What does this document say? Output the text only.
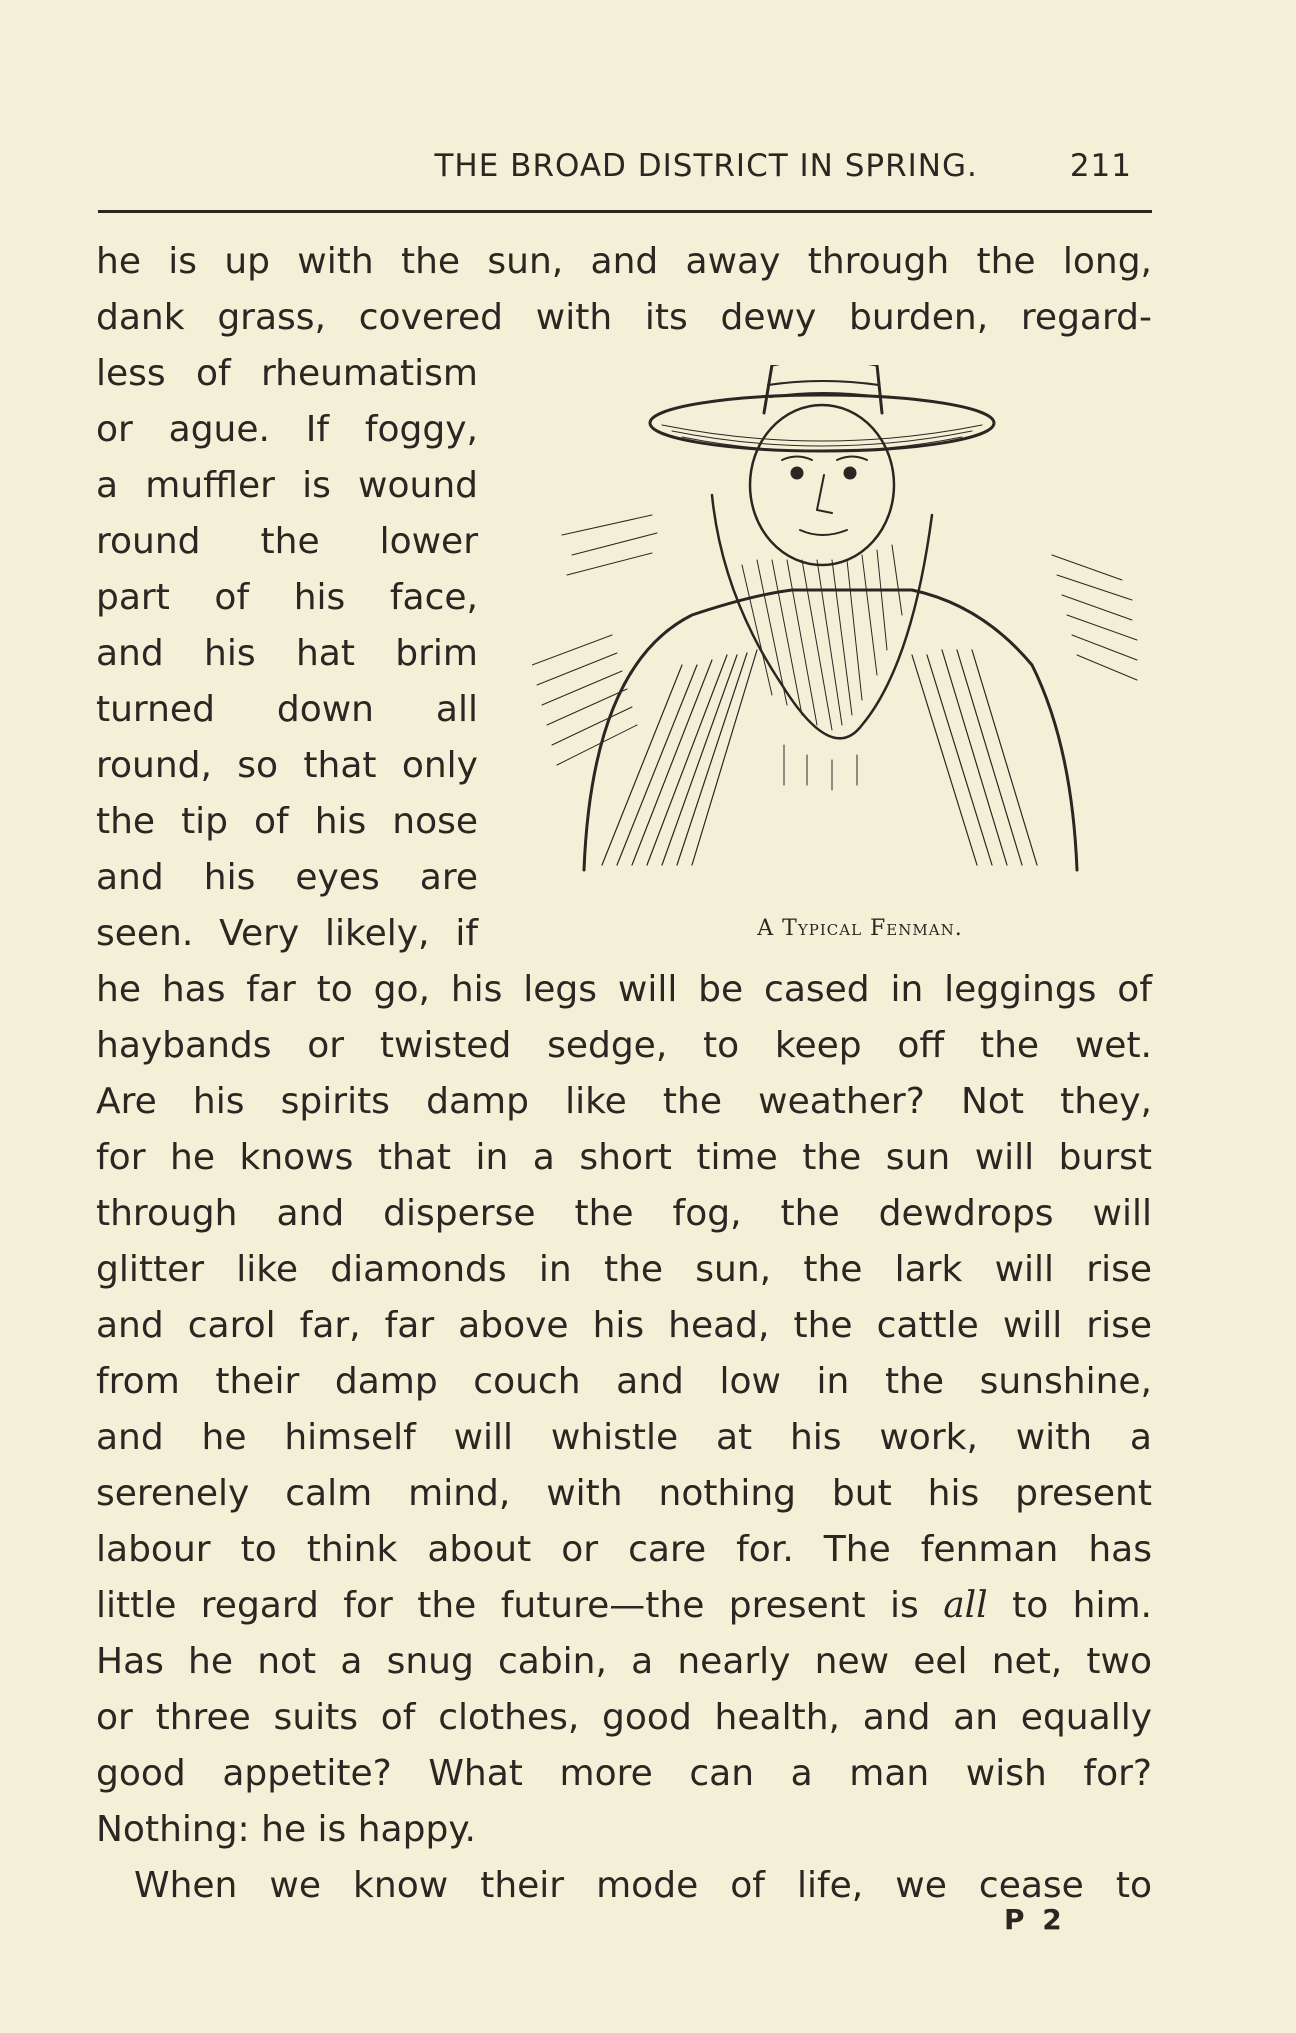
THE BROAD DISTRICT IN SPRING.	211
he is up with the sun, and away through the long,
dank grass, covered with its dewy burden, regard-
less of rheumatism
or ague. If foggy,
a muffler is wound
round the lower
part of his face,
and his hat brim
turned down all
round, so that only
the tip of his nose
and his eyes are
seen. Very likely, if	A Typical Fenman.
he has far to go, his legs will be cased in leggings of
haybands or twisted sedge, to keep off the wet.
Are his spirits damp like the weather? Not they,
for he knows that in a short time the sun will burst
through and disperse the fog, the dewdrops will
glitter like diamonds in the sun, the lark will rise
and carol far, far above his head, the cattle will rise
from their damp couch and low in the sunshine,
and he himself will whistle at his work, with a
serenely calm mind, with nothing but his present
labour to think about or care for. The fenman has
little regard for the future—the present is all to him.
Has he not a snug cabin, a nearly new eel net, two
or three suits of clothes, good health, and an equally
good appetite? What more can a man wish for?
Nothing: he is happy.
When we know their mode of life, we cease to
P 2
